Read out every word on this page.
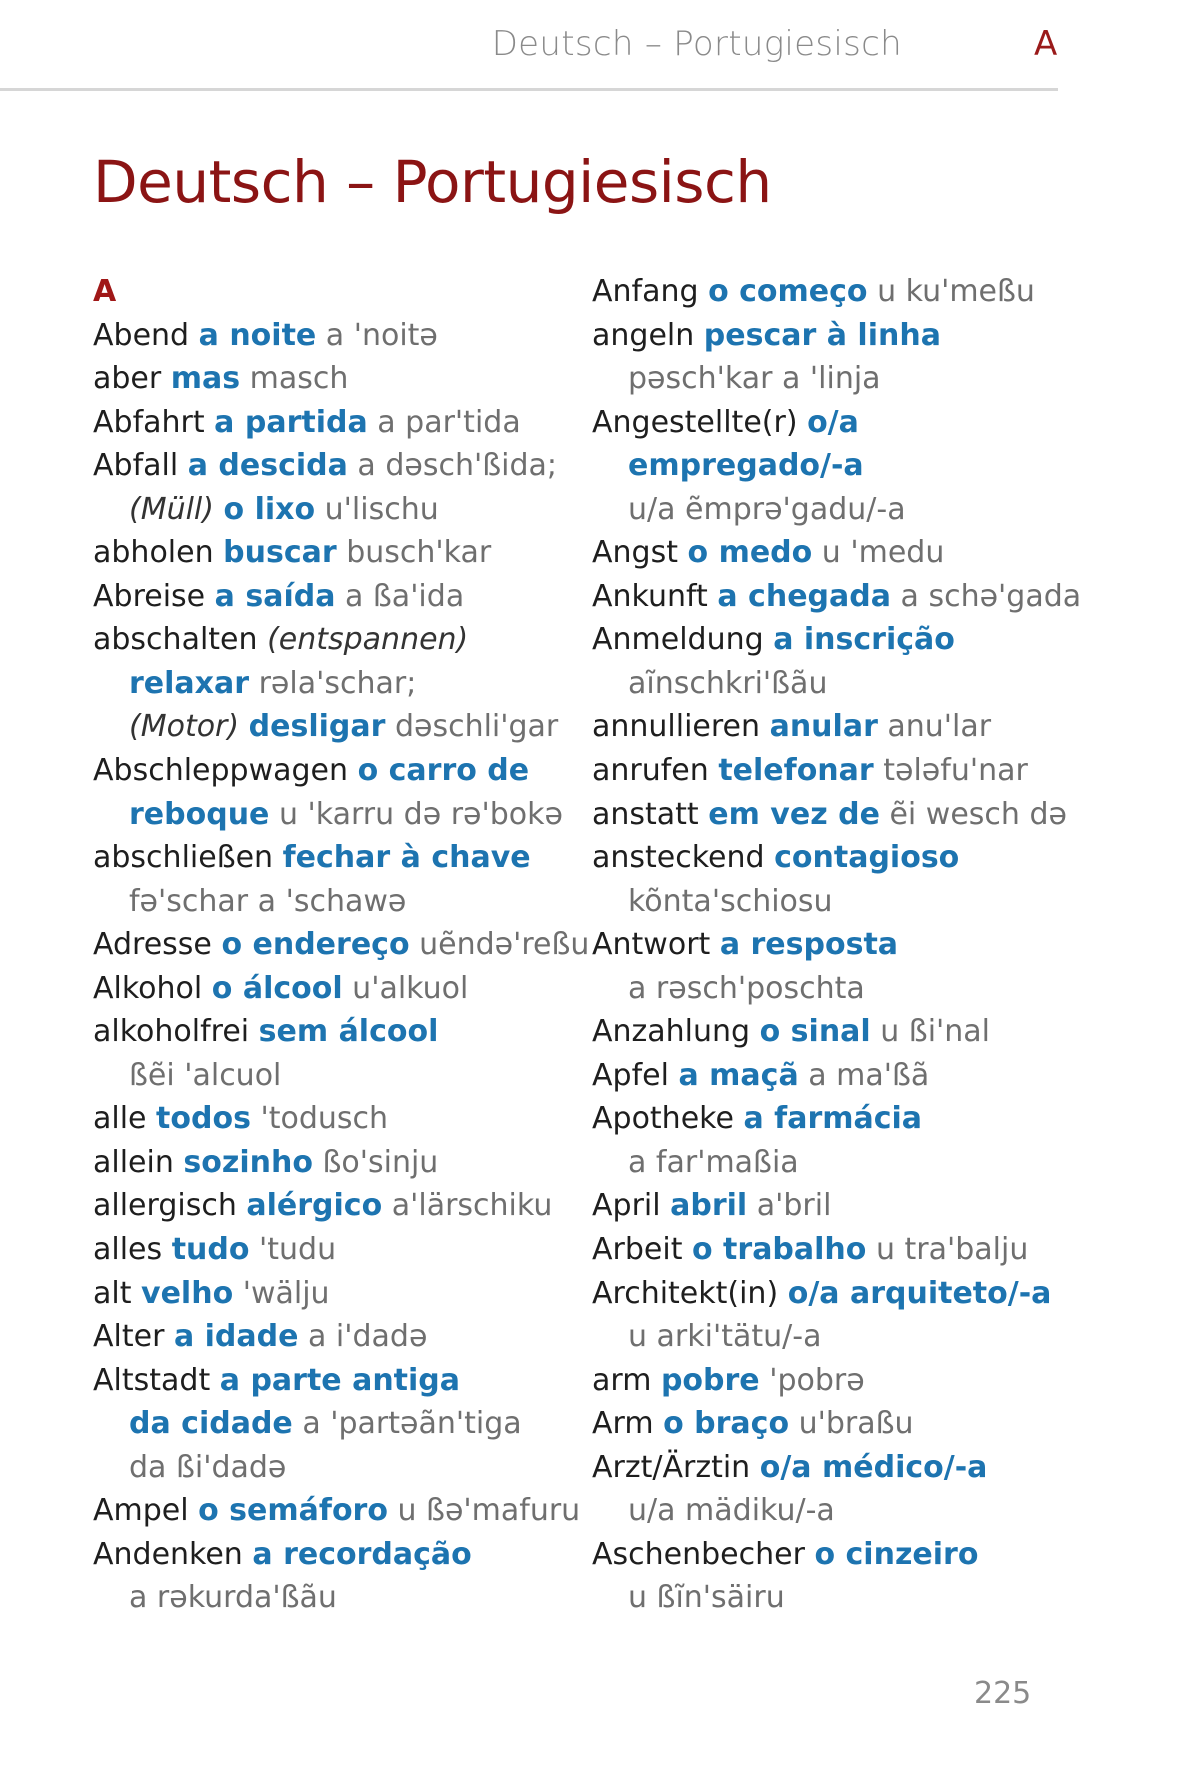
Deutsch – Portugiesisch	A
Deutsch – Portugiesisch
A
Abend a noite a 'noitə
aber mas masch
Abfahrt a partida a par'tida
Abfall a descida a dəsch'ßida;
(Müll) o lixo u'lischu
abholen buscar busch'kar
Abreise a saída a ßa'ida
abschalten (entspannen)
relaxar rəla'schar;
(Motor) desligar dəschli'gar
Abschleppwagen o carro de
reboque u 'karru də rə'bokə
abschließen fechar à chave
fə'schar a 'schawə
Adresse o endereço uẽndə'reßu
Alkohol o álcool u'alkuol
alkoholfrei sem álcool
ßẽi 'alcuol
alle todos 'todusch
allein sozinho ßo'sinju
allergisch alérgico a'lärschiku
alles tudo 'tudu
alt velho 'wälju
Alter a idade a i'dadə
Altstadt a parte antiga
da cidade a 'partəãn'tiga
da ßi'dadə
Ampel o semáforo u ßə'mafuru
Andenken a recordação
a rəkurda'ßãu
Anfang o começo u ku'meßu
angeln pescar à linha
pəsch'kar a 'linja
Angestellte(r) o/a
empregado/-a
u/a ẽmprə'gadu/-a
Angst o medo u 'medu
Ankunft a chegada a schə'gada
Anmeldung a inscrição
aĩnschkri'ßãu
annullieren anular anu'lar
anrufen telefonar tələfu'nar
anstatt em vez de ẽi wesch də
ansteckend contagioso
kõnta'schiosu
Antwort a resposta
a rəsch'poschta
Anzahlung o sinal u ßi'nal
Apfel a maçã a ma'ßã
Apotheke a farmácia
a far'maßia
April abril a'bril
Arbeit o trabalho u tra'balju
Architekt(in) o/a arquiteto/-a
u arki'tätu/-a
arm pobre 'pobrə
Arm o braço u'braßu
Arzt/Ärztin o/a médico/-a
u/a mädiku/-a
Aschenbecher o cinzeiro
u ßĩn'säiru
225
